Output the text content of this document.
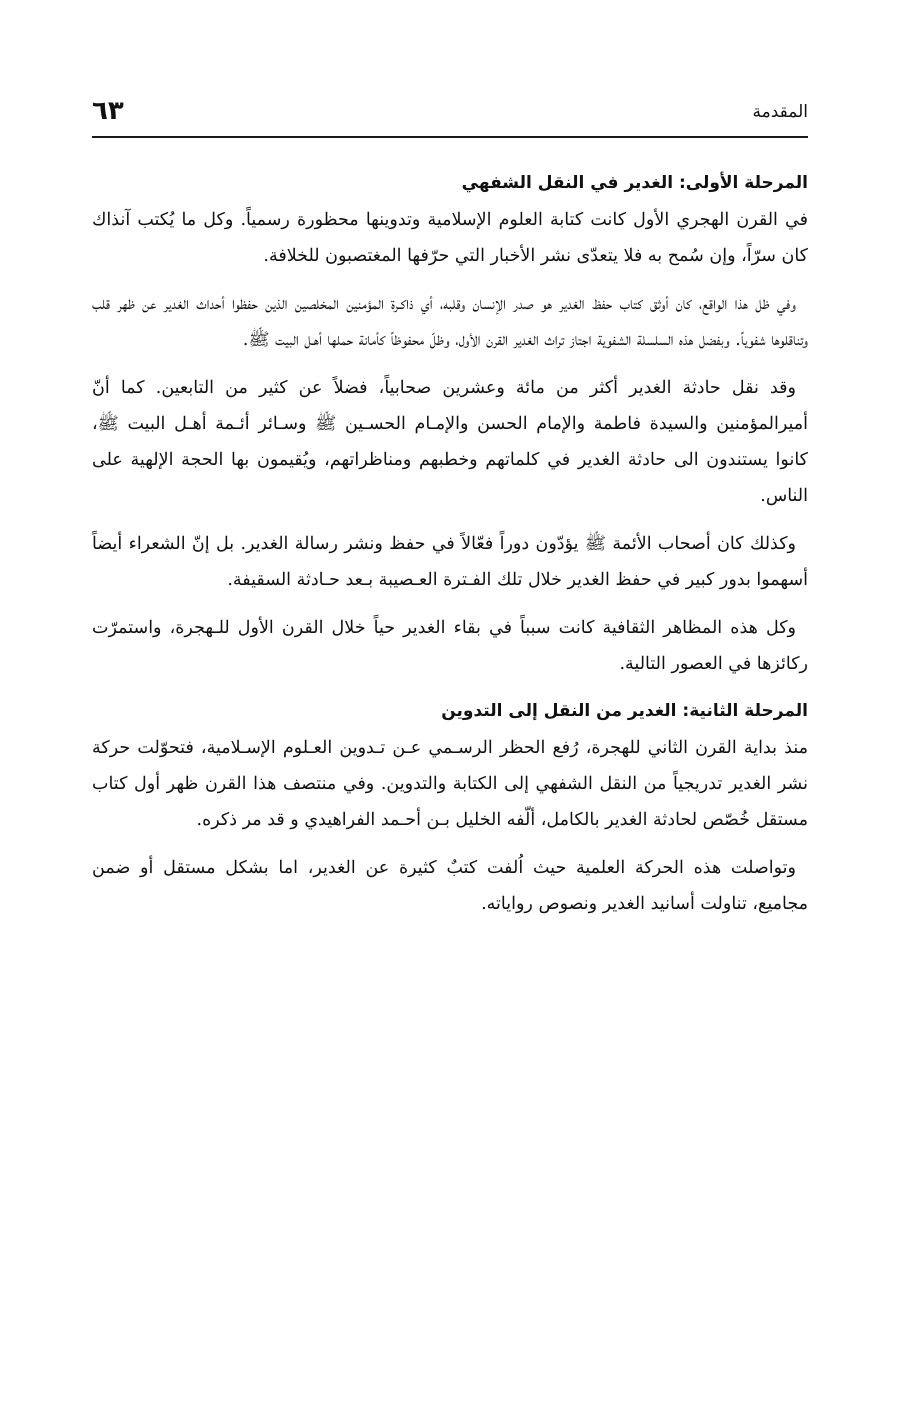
المقدمة
٦٣
المرحلة الأولى: الغدير في النقل الشفهي

في القرن الهجري الأول كانت كتابة العلوم الإسلامية وتدوينها محظورة رسمياً. وكل ما يُكتب آنذاك كان سرّاً، وإن سُمح به فلا يتعدّى نشر الأخبار التي حرّفها المغتصبون للخلافة.

وفي ظل هذا الواقع، كان أوثق كتاب حفظ الغدير هو صدر الإنسان وقلبه، أي ذاكـرة المؤمنين المخلصين الذين حفظوا أحداث الغدير عن ظهر قلب وتناقلوها شفوياً. وبفضل هذه السلسلة الشفوية اجتاز تراث الغدير القرن الأول، وظلّ محفوظاً كأمانة حملها أهـل البيت ﷺ.

وقد نقل حادثة الغدير أكثر من مائة وعشرين صحابياً، فضلاً عن كثير من التابعين. كما أنّ أميرالمؤمنين والسيدة فاطمة والإمام الحسن والإمـام الحسـين ﷺ وسـائر أئـمة أهـل البيت ﷺ، كانوا يستندون الى حادثة الغدير في كلماتهم وخطبهم ومناظراتهم، ويُقيمون بها الحجة الإلهية على الناس.

وكذلك كان أصحاب الأئمة ﷺ يؤدّون دوراً فعّالاً في حفظ ونشر رسالة الغدير. بل إنّ الشعراء أيضاً أسهموا بدور كبير في حفظ الغدير خلال تلك الفـترة العـصيبة بـعد حـادثة السقيفة.

وكل هذه المظاهر الثقافية كانت سبباً في بقاء الغدير حياً خلال القرن الأول للـهجرة، واستمرّت ركائزها في العصور التالية.

المرحلة الثانية: الغدير من النقل إلى التدوين

منذ بداية القرن الثاني للهجرة، رُفع الحظر الرسـمي عـن تـدوين العـلوم الإسـلامية، فتحوّلت حركة نشر الغدير تدريجياً من النقل الشفهي إلى الكتابة والتدوين. وفي منتصف هذا القرن ظهر أول كتاب مستقل خُصّص لحادثة الغدير بالكامل، ألّفه الخليل بـن أحـمد الفراهيدي و قد مر ذكره.

وتواصلت هذه الحركة العلمية حيث اُلفت كتبٌ كثيرة عن الغدير، اما بشكل مستقل أو ضمن مجاميع، تناولت أسانيد الغدير ونصوص رواياته.
